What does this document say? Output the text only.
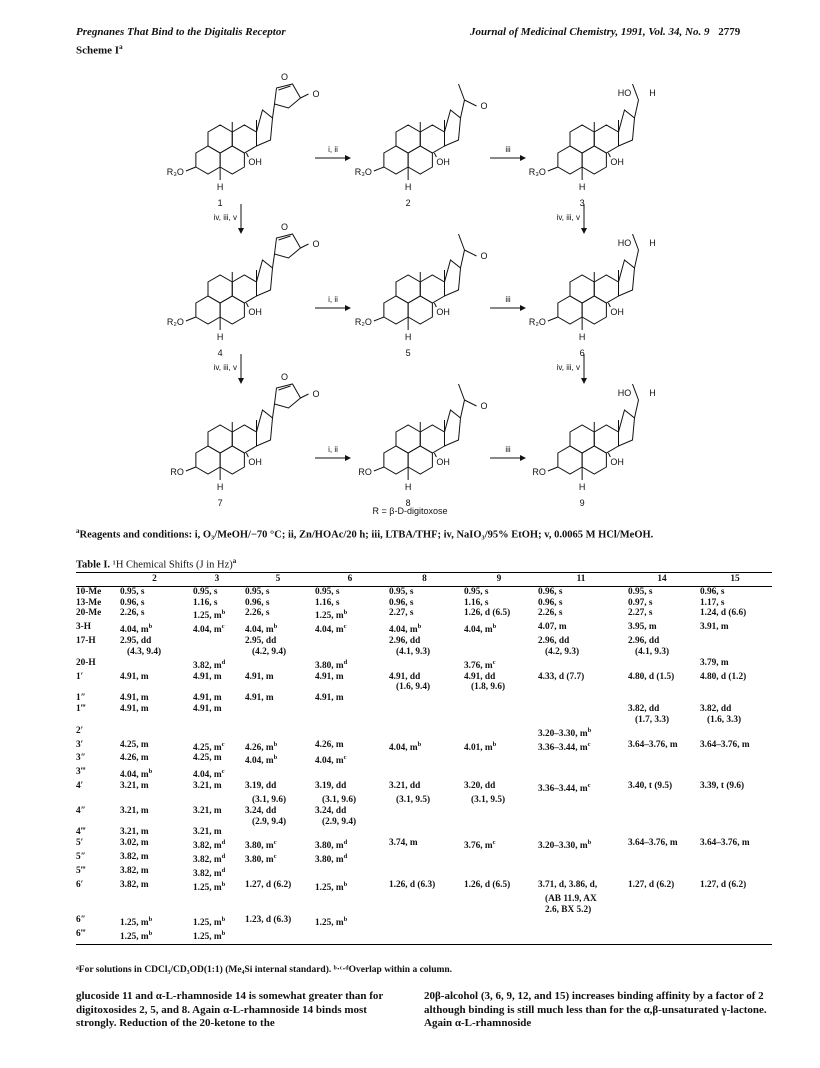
Pregnanes That Bind to the Digitalis Receptor	Journal of Medicinal Chemistry, 1991, Vol. 34, No. 9 2779
Scheme $I^a$
OH
H
R₃O
O
O
1
OH
H
R₃O
O
2
OH
H
R₃O
HO H
3
OH
H
R₂O
O
O
4
OH
H
R₂O
O
5
OH
H
R₂O
HO H
6
OH
H
RO
O
O
7
OH
H
RO
O
8
OH
H
RO
HO H
9
i, ii	iii
i, ii	iii
i, ii	iii
iv, iii, v
iv, iii, v
iv, iii, v
iv, iii, v
R = β-D-digitoxose
$^a$Reagents and conditions: i, O₃/MeOH/−70 °C; ii, Zn/HOAc/20 h; iii, LTBA/THF; iv, NaIO₃/95% EtOH; v, 0.0065 M HCl/MeOH.
Table I. ¹H Chemical Shifts (J in Hz)$^a$
	2	3	5	6	8	9	11	14	15
10-Me	0.95, s	0.95, s	0.95, s	0.95, s	0.95, s	0.95, s	0.96, s	0.95, s	0.96, s
13-Me	0.96, s	1.16, s	0.96, s	1.16, s	0.96, s	1.16, s	0.96, s	0.97, s	1.17, s
20-Me	2.26, s	1.25, $m^b$	2.26, s	1.25, $m^b$	2.27, s	1.26, d (6.5)	2.26, s	2.27, s	1.24, d (6.6)
3-H	4.04, $m^b$	4.04, $m^c$	4.04, $m^b$	4.04, $m^c$	4.04, $m^b$	4.04, $m^b$	4.07, m	3.95, m	3.91, m
17-H	2.95, dd		2.95, dd		2.96, dd		2.96, dd	2.96, dd	
	(4.3, 9.4)		(4.2, 9.4)		(4.1, 9.3)		(4.2, 9.3)	(4.1, 9.3)	
20-H		3.82, $m^d$		3.80, $m^d$		3.76, $m^c$			3.79, m
1′	4.91, m	4.91, m	4.91, m	4.91, m	4.91, dd	4.91, dd	4.33, d (7.7)	4.80, d (1.5)	4.80, d (1.2)
					(1.6, 9.4)	(1.8, 9.6)			
1″	4.91, m	4.91, m	4.91, m	4.91, m					
1‴	4.91, m	4.91, m						3.82, dd	3.82, dd
								(1.7, 3.3)	(1.6, 3.3)
2′							3.20–3.30, $m^b$		
3′	4.25, m	4.25, $m^c$	4.26, $m^b$	4.26, m	4.04, $m^b$	4.01, $m^b$	3.36–3.44, $m^c$	3.64–3.76, m	3.64–3.76, m
3″	4.26, m	4.25, m	4.04, $m^b$	4.04, $m^c$					
3‴	4.04, $m^b$	4.04, $m^c$							
4′	3.21, m	3.21, m	3.19, dd	3.19, dd	3.21, dd	3.20, dd	3.36–3.44, $m^c$	3.40, t (9.5)	3.39, t (9.6)
			(3.1, 9.6)	(3.1, 9.6)	(3.1, 9.5)	(3.1, 9.5)			
4″	3.21, m	3.21, m	3.24, dd	3.24, dd					
			(2.9, 9.4)	(2.9, 9.4)					
4‴	3.21, m	3.21, m							
5′	3.02, m	3.82, $m^d$	3.80, $m^c$	3.80, $m^d$	3.74, m	3.76, $m^c$	3.20–3.30, $m^b$	3.64–3.76, m	3.64–3.76, m
5″	3.82, m	3.82, $m^d$	3.80, $m^c$	3.80, $m^d$					
5‴	3.82, m	3.82, $m^d$							
6′	3.82, m	1.25, $m^b$	1.27, d (6.2)	1.25, $m^b$	1.26, d (6.3)	1.26, d (6.5)	3.71, d, 3.86, d,	1.27, d (6.2)	1.27, d (6.2)
							(AB 11.9, AX		
							2.6, BX 5.2)		
6″	1.25, $m^b$	1.25, $m^b$	1.23, d (6.3)	1.25, $m^b$					
6‴	1.25, $m^b$	1.25, $m^b$							
ᵃFor solutions in CDCl₃/CD₃OD(1:1) (Me₄Si internal standard). ᵇ·ᶜ·ᵈOverlap within a column.
glucoside 11 and α-L-rhamnoside 14 is somewhat greater than for digitoxosides 2, 5, and 8. Again α-L-rhamnoside 14 binds most strongly. Reduction of the 20-ketone to the
20β-alcohol (3, 6, 9, 12, and 15) increases binding affinity by a factor of 2 although binding is still much less than for the α,β-unsaturated γ-lactone. Again α-L-rhamnoside
